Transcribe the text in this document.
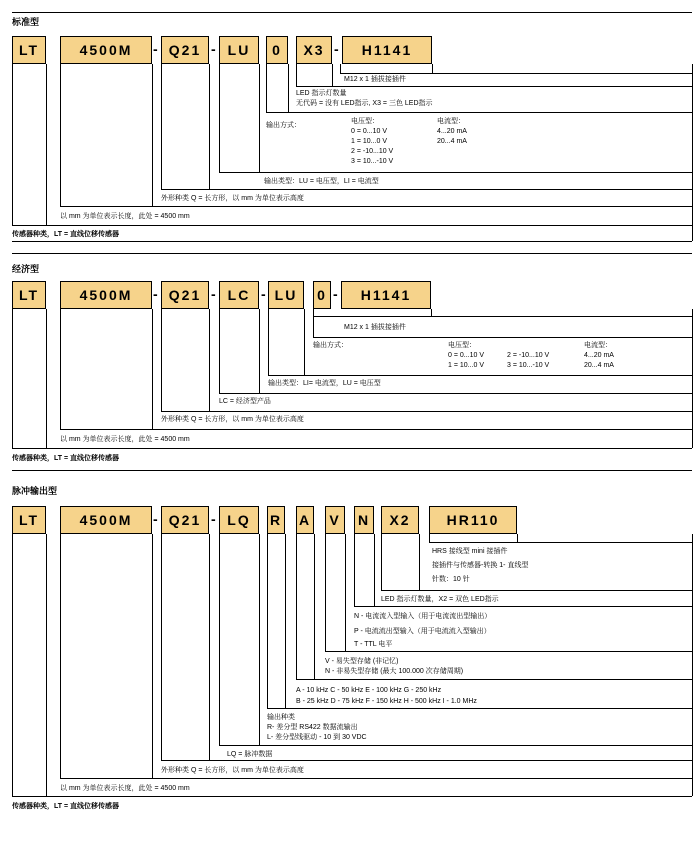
标准型
LT	4500M	- Q21 - LU	0	X3 -	H1141
M12 x 1 插拔接插件
LED 指示灯数量
无代码 = 没有 LED指示, X3 = 三色 LED指示
输出方式：
电压型：	电流型：
0 = 0...10 V
1 = 10...0 V
2 = -10...10 V
3 = 10...-10 V
4...20 mA
20...4 mA
输出类型：LU = 电压型，LI = 电流型
外形种类 Q = 长方形，以 mm 为单位表示高度
以 mm 为单位表示长度，此处 = 4500 mm
传感器种类，LT = 直线位移传感器
经济型
LT	4500M	- Q21 - LC - LU	0 -	H1141
M12 x 1 插拔接插件
输出方式：	电压型：	电流型：
0 = 0...10 V
1 = 10...0 V
2 = -10...10 V
3 = 10...-10 V
4...20 mA
20...4 mA
输出类型：LI= 电流型，LU = 电压型
LC = 经济型产品
外形种类 Q = 长方形，以 mm 为单位表示高度
以 mm 为单位表示长度，此处 = 4500 mm
传感器种类，LT = 直线位移传感器
脉冲输出型
LT	4500M	- Q21 - LQ	R A	V	N	X2	HR110
HRS 接线型 mini 接插件
接插件与传感器-转换 1- 直线型
针数：10 针
LED 指示灯数量，X2 = 双色 LED指示
N - 电流流入型输入（用于电流流出型输出）
P - 电流流出型输入（用于电流流入型输出）
T - TTL 电平
V - 易失型存储 (非记忆)
N - 非易失型存储 (最大 100.000 次存储周期)
A - 10 kHz C - 50 kHz E - 100 kHz G - 250 kHz
B - 25 kHz D - 75 kHz F - 150 kHz H - 500 kHz I - 1.0 MHz
输出种类
R- 差分型 RS422 数据流输出
L- 差分型线驱动 - 10 到 30 VDC
LQ = 脉冲数据
外形种类 Q = 长方形，以 mm 为单位表示高度
以 mm 为单位表示长度，此处 = 4500 mm
传感器种类，LT = 直线位移传感器
